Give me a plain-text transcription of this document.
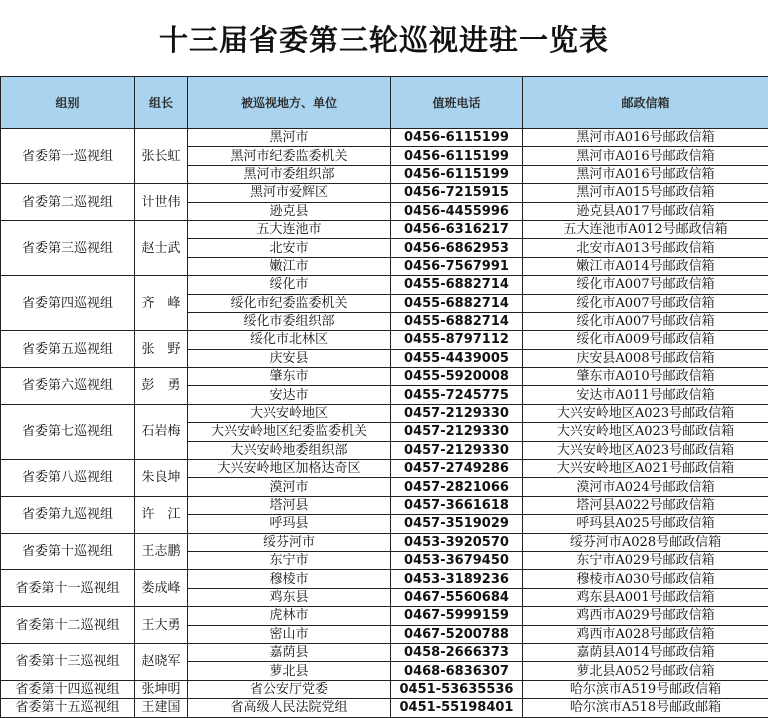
十三届省委第三轮巡视进驻一览表
组别	组长	被巡视地方、单位	值班电话	邮政信箱
省委第一巡视组	张长虹	黑河市	0456-6115199	黑河市A016号邮政信箱
		黑河市纪委监委机关	0456-6115199	黑河市A016号邮政信箱
		黑河市委组织部	0456-6115199	黑河市A016号邮政信箱
省委第二巡视组	计世伟	黑河市爱辉区	0456-7215915	黑河市A015号邮政信箱
		逊克县	0456-4455996	逊克县A017号邮政信箱
省委第三巡视组	赵士武	五大连池市	0456-6316217	五大连池市A012号邮政信箱
		北安市	0456-6862953	北安市A013号邮政信箱
		嫩江市	0456-7567991	嫩江市A014号邮政信箱
省委第四巡视组	齐　峰	绥化市	0455-6882714	绥化市A007号邮政信箱
		绥化市纪委监委机关	0455-6882714	绥化市A007号邮政信箱
		绥化市委组织部	0455-6882714	绥化市A007号邮政信箱
省委第五巡视组	张　野	绥化市北林区	0455-8797112	绥化市A009号邮政信箱
		庆安县	0455-4439005	庆安县A008号邮政信箱
省委第六巡视组	彭　勇	肇东市	0455-5920008	肇东市A010号邮政信箱
		安达市	0455-7245775	安达市A011号邮政信箱
省委第七巡视组	石岩梅	大兴安岭地区	0457-2129330	大兴安岭地区A023号邮政信箱
		大兴安岭地区纪委监委机关	0457-2129330	大兴安岭地区A023号邮政信箱
		大兴安岭地委组织部	0457-2129330	大兴安岭地区A023号邮政信箱
省委第八巡视组	朱良坤	大兴安岭地区加格达奇区	0457-2749286	大兴安岭地区A021号邮政信箱
		漠河市	0457-2821066	漠河市A024号邮政信箱
省委第九巡视组	许　江	塔河县	0457-3661618	塔河县A022号邮政信箱
		呼玛县	0457-3519029	呼玛县A025号邮政信箱
省委第十巡视组	王志鹏	绥芬河市	0453-3920570	绥芬河市A028号邮政信箱
		东宁市	0453-3679450	东宁市A029号邮政信箱
省委第十一巡视组	娄成峰	穆棱市	0453-3189236	穆棱市A030号邮政信箱
		鸡东县	0467-5560684	鸡东县A001号邮政信箱
省委第十二巡视组	王大勇	虎林市	0467-5999159	鸡西市A029号邮政信箱
		密山市	0467-5200788	鸡西市A028号邮政信箱
省委第十三巡视组	赵晓军	嘉荫县	0458-2666373	嘉荫县A014号邮政信箱
		萝北县	0468-6836307	萝北县A052号邮政信箱
省委第十四巡视组	张坤明	省公安厅党委	0451-53635536	哈尔滨市A519号邮政信箱
省委第十五巡视组	王建国	省高级人民法院党组	0451-55198401	哈尔滨市A518号邮政邮箱
